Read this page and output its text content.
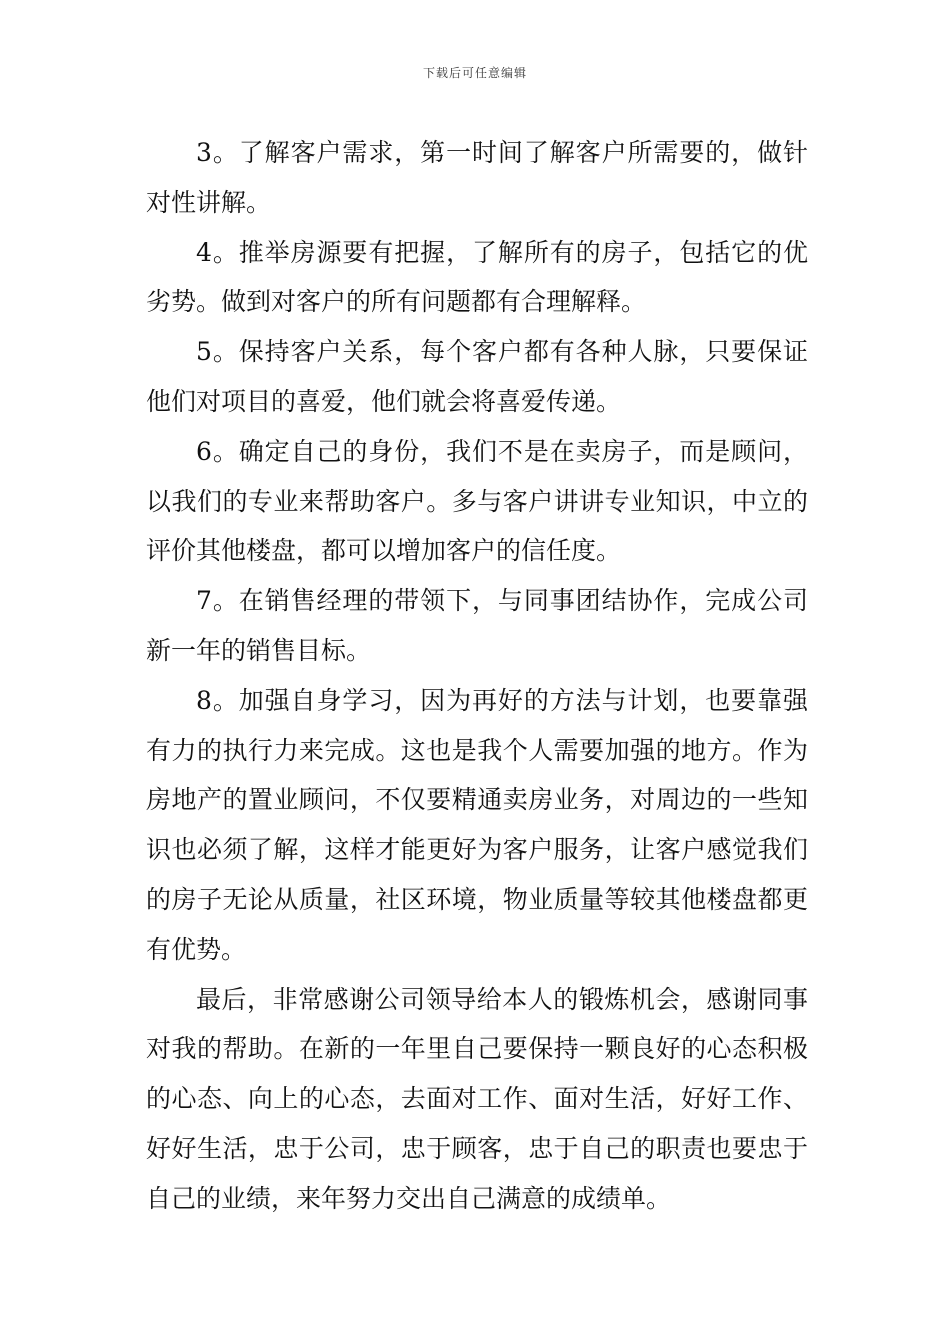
下载后可任意编辑

3。了解客户需求，第一时间了解客户所需要的，做针对性讲解。

4。推举房源要有把握，了解所有的房子，包括它的优劣势。做到对客户的所有问题都有合理解释。

5。保持客户关系，每个客户都有各种人脉，只要保证他们对项目的喜爱，他们就会将喜爱传递。

6。确定自己的身份，我们不是在卖房子，而是顾问，以我们的专业来帮助客户。多与客户讲讲专业知识，中立的评价其他楼盘，都可以增加客户的信任度。

7。在销售经理的带领下，与同事团结协作，完成公司新一年的销售目标。

8。加强自身学习，因为再好的方法与计划，也要靠强有力的执行力来完成。这也是我个人需要加强的地方。作为房地产的置业顾问，不仅要精通卖房业务，对周边的一些知识也必须了解，这样才能更好为客户服务，让客户感觉我们的房子无论从质量，社区环境，物业质量等较其他楼盘都更有优势。

最后，非常感谢公司领导给本人的锻炼机会，感谢同事对我的帮助。在新的一年里自己要保持一颗良好的心态积极的心态、向上的心态，去面对工作、面对生活，好好工作、好好生活，忠于公司，忠于顾客，忠于自己的职责也要忠于自己的业绩，来年努力交出自己满意的成绩单。
